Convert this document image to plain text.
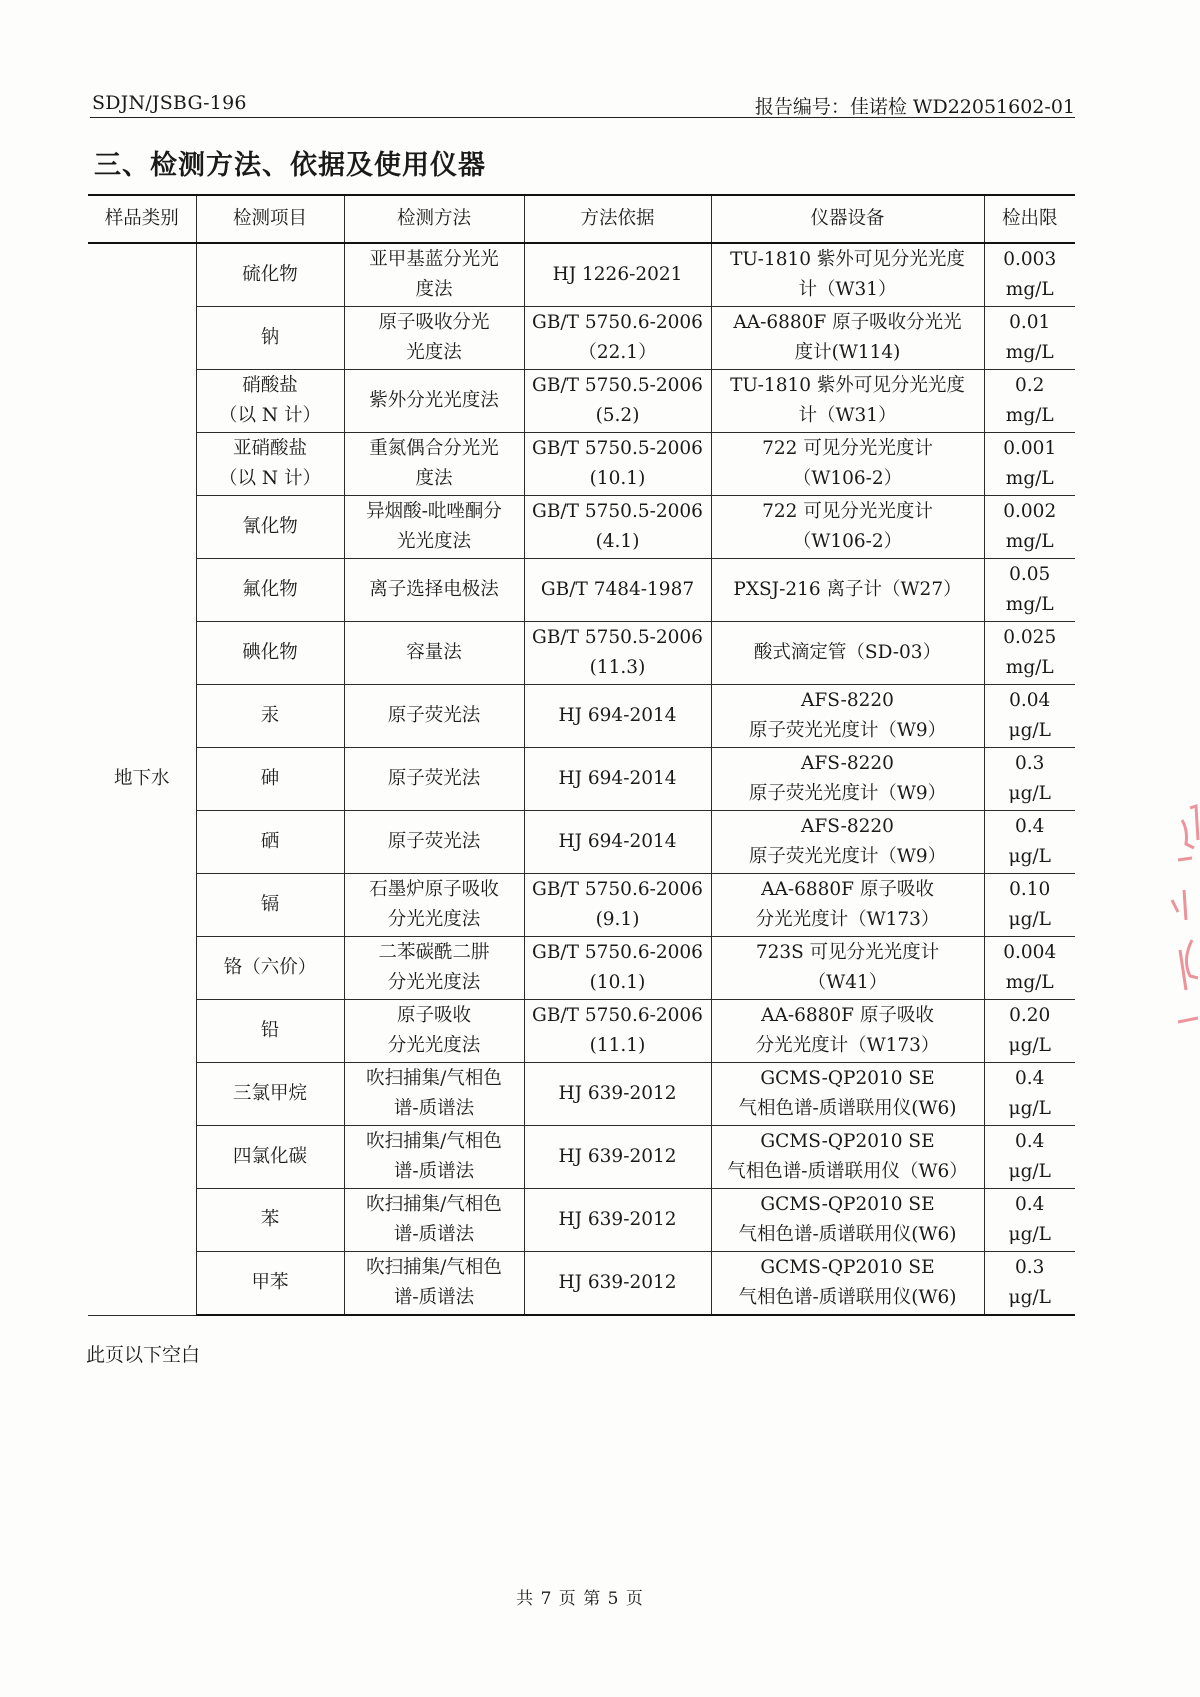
SDJN/JSBG-196	报告编号：佳诺检 WD22051602-01
三、检测方法、依据及使用仪器
样品类别	检测项目	检测方法	方法依据	仪器设备	检出限
地下水	硫化物	亚甲基蓝分光光
度法	HJ 1226-2021	TU-1810 紫外可见分光光度
计（W31）	0.003
mg/L

	钠	原子吸收分光
光度法	GB/T 5750.6-2006
（22.1）	AA-6880F 原子吸收分光光
度计(W114)	0.01
mg/L

	硝酸盐
（以 N 计）	紫外分光光度法	GB/T 5750.5-2006
(5.2)	TU-1810 紫外可见分光光度
计（W31）	0.2
mg/L

	亚硝酸盐
（以 N 计）	重氮偶合分光光
度法	GB/T 5750.5-2006
(10.1)	722 可见分光光度计
（W106-2）	0.001
mg/L

	氰化物	异烟酸-吡唑酮分
光光度法	GB/T 5750.5-2006
(4.1)	722 可见分光光度计
（W106-2）	0.002
mg/L

	氟化物	离子选择电极法	GB/T 7484-1987	PXSJ-216 离子计（W27）	0.05
mg/L

	碘化物	容量法	GB/T 5750.5-2006
(11.3)	酸式滴定管（SD-03）	0.025
mg/L

	汞	原子荧光法	HJ 694-2014	AFS-8220
原子荧光光度计（W9）	0.04
μg/L

	砷	原子荧光法	HJ 694-2014	AFS-8220
原子荧光光度计（W9）	0.3
μg/L

	硒	原子荧光法	HJ 694-2014	AFS-8220
原子荧光光度计（W9）	0.4
μg/L

	镉	石墨炉原子吸收
分光光度法	GB/T 5750.6-2006
(9.1)	AA-6880F 原子吸收
分光光度计（W173）	0.10
μg/L

	铬（六价）	二苯碳酰二肼
分光光度法	GB/T 5750.6-2006
(10.1)	723S 可见分光光度计
（W41）	0.004
mg/L

	铅	原子吸收
分光光度法	GB/T 5750.6-2006
(11.1)	AA-6880F 原子吸收
分光光度计（W173）	0.20
μg/L

	三氯甲烷	吹扫捕集/气相色
谱-质谱法	HJ 639-2012	GCMS-QP2010 SE
气相色谱-质谱联用仪(W6)	0.4
μg/L

	四氯化碳	吹扫捕集/气相色
谱-质谱法	HJ 639-2012	GCMS-QP2010 SE
气相色谱-质谱联用仪（W6）	0.4
μg/L

	苯	吹扫捕集/气相色
谱-质谱法	HJ 639-2012	GCMS-QP2010 SE
气相色谱-质谱联用仪(W6)	0.4
μg/L

	甲苯	吹扫捕集/气相色
谱-质谱法	HJ 639-2012	GCMS-QP2010 SE
气相色谱-质谱联用仪(W6)	0.3
μg/L
此页以下空白
共 7 页 第 5 页
